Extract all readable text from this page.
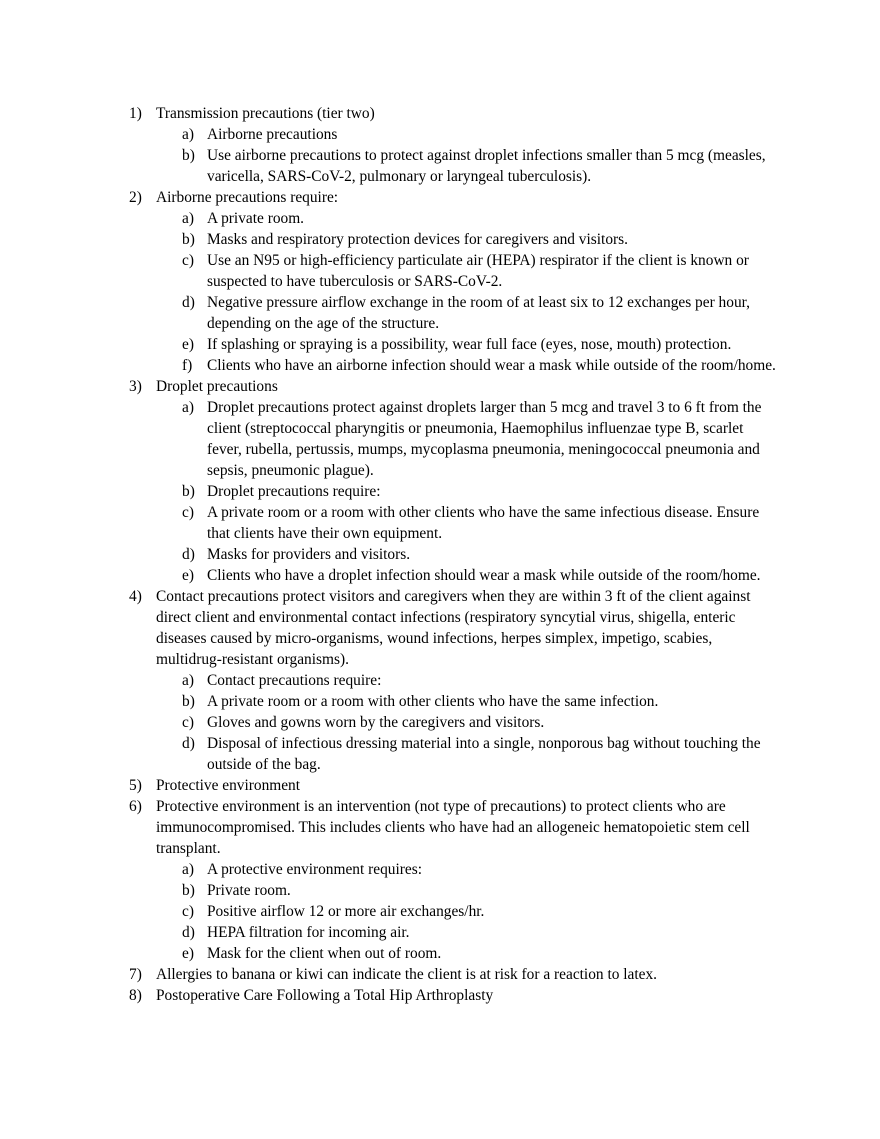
1) Transmission precautions (tier two)
a) Airborne precautions
b) Use airborne precautions to protect against droplet infections smaller than 5 mcg (measles, varicella, SARS-CoV-2, pulmonary or laryngeal tuberculosis).
2) Airborne precautions require:
a) A private room.
b) Masks and respiratory protection devices for caregivers and visitors.
c) Use an N95 or high-efficiency particulate air (HEPA) respirator if the client is known or suspected to have tuberculosis or SARS-CoV-2.
d) Negative pressure airflow exchange in the room of at least six to 12 exchanges per hour, depending on the age of the structure.
e) If splashing or spraying is a possibility, wear full face (eyes, nose, mouth) protection.
f) Clients who have an airborne infection should wear a mask while outside of the room/home.
3) Droplet precautions
a) Droplet precautions protect against droplets larger than 5 mcg and travel 3 to 6 ft from the client (streptococcal pharyngitis or pneumonia, Haemophilus influenzae type B, scarlet fever, rubella, pertussis, mumps, mycoplasma pneumonia, meningococcal pneumonia and sepsis, pneumonic plague).
b) Droplet precautions require:
c) A private room or a room with other clients who have the same infectious disease. Ensure that clients have their own equipment.
d) Masks for providers and visitors.
e) Clients who have a droplet infection should wear a mask while outside of the room/home.
4) Contact precautions protect visitors and caregivers when they are within 3 ft of the client against direct client and environmental contact infections (respiratory syncytial virus, shigella, enteric diseases caused by micro-organisms, wound infections, herpes simplex, impetigo, scabies, multidrug-resistant organisms).
a) Contact precautions require:
b) A private room or a room with other clients who have the same infection.
c) Gloves and gowns worn by the caregivers and visitors.
d) Disposal of infectious dressing material into a single, nonporous bag without touching the outside of the bag.
5) Protective environment
6) Protective environment is an intervention (not type of precautions) to protect clients who are immunocompromised. This includes clients who have had an allogeneic hematopoietic stem cell transplant.
a) A protective environment requires:
b) Private room.
c) Positive airflow 12 or more air exchanges/hr.
d) HEPA filtration for incoming air.
e) Mask for the client when out of room.
7) Allergies to banana or kiwi can indicate the client is at risk for a reaction to latex.
8) Postoperative Care Following a Total Hip Arthroplasty
